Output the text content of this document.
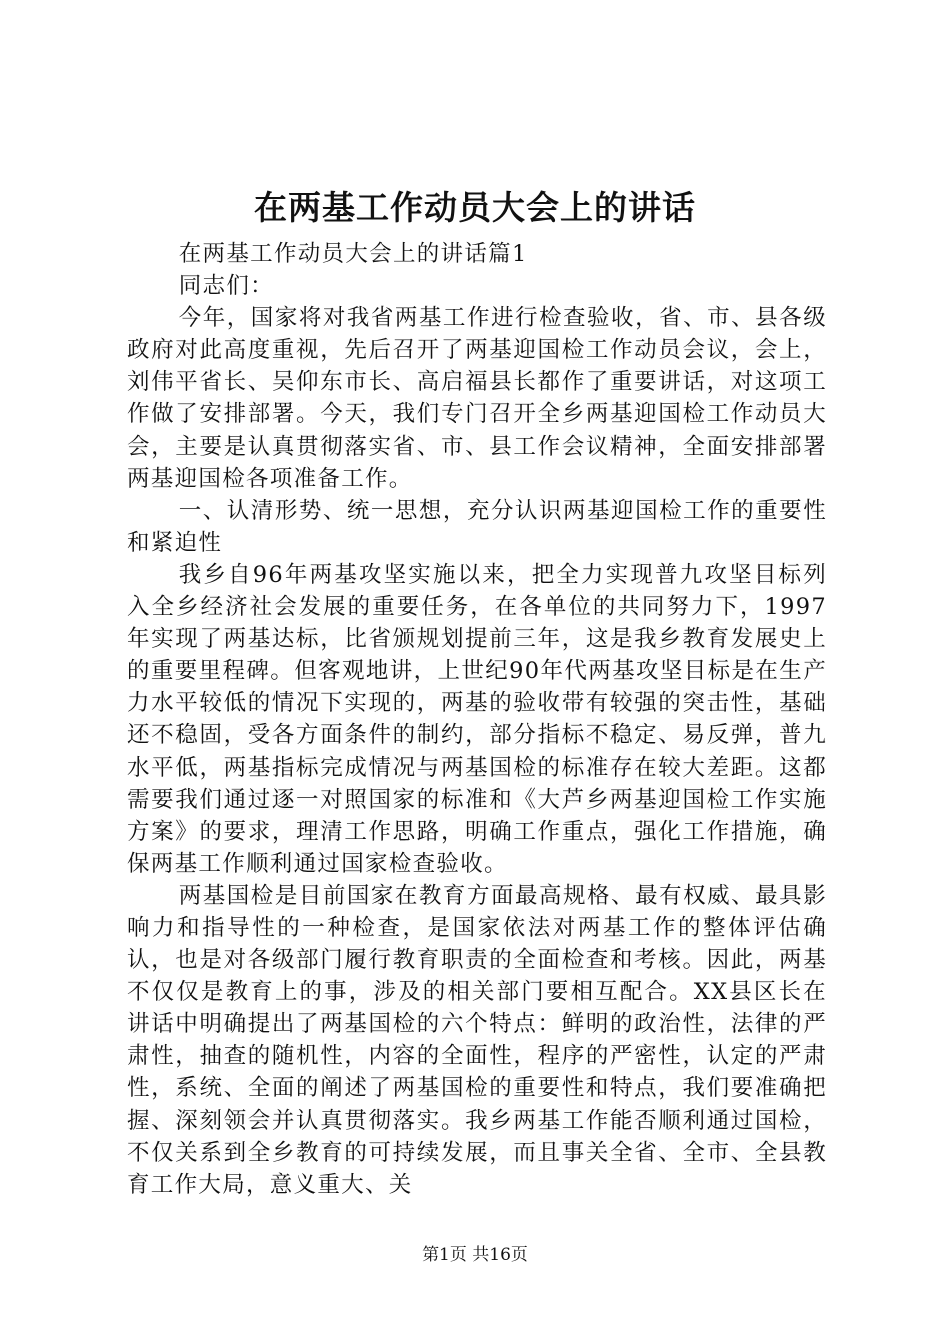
在两基工作动员大会上的讲话

在两基工作动员大会上的讲话篇1

同志们：

今年，国家将对我省两基工作进行检查验收，省、市、县各级政府对此高度重视，先后召开了两基迎国检工作动员会议，会上，刘伟平省长、吴仰东市长、高启福县长都作了重要讲话，对这项工作做了安排部署。今天，我们专门召开全乡两基迎国检工作动员大会，主要是认真贯彻落实省、市、县工作会议精神，全面安排部署两基迎国检各项准备工作。

一、认清形势、统一思想，充分认识两基迎国检工作的重要性和紧迫性

我乡自96年两基攻坚实施以来，把全力实现普九攻坚目标列入全乡经济社会发展的重要任务，在各单位的共同努力下，1997年实现了两基达标，比省颁规划提前三年，这是我乡教育发展史上的重要里程碑。但客观地讲，上世纪90年代两基攻坚目标是在生产力水平较低的情况下实现的，两基的验收带有较强的突击性，基础还不稳固，受各方面条件的制约，部分指标不稳定、易反弹，普九水平低，两基指标完成情况与两基国检的标准存在较大差距。这都需要我们通过逐一对照国家的标准和《大芦乡两基迎国检工作实施方案》的要求，理清工作思路，明确工作重点，强化工作措施，确保两基工作顺利通过国家检查验收。

两基国检是目前国家在教育方面最高规格、最有权威、最具影响力和指导性的一种检查，是国家依法对两基工作的整体评估确认，也是对各级部门履行教育职责的全面检查和考核。因此，两基不仅仅是教育上的事，涉及的相关部门要相互配合。XX县区长在讲话中明确提出了两基国检的六个特点：鲜明的政治性，法律的严肃性，抽查的随机性，内容的全面性，程序的严密性，认定的严肃性，系统、全面的阐述了两基国检的重要性和特点，我们要准确把握、深刻领会并认真贯彻落实。我乡两基工作能否顺利通过国检，不仅关系到全乡教育的可持续发展，而且事关全省、全市、全县教育工作大局，意义重大、关

第1页 共16页
